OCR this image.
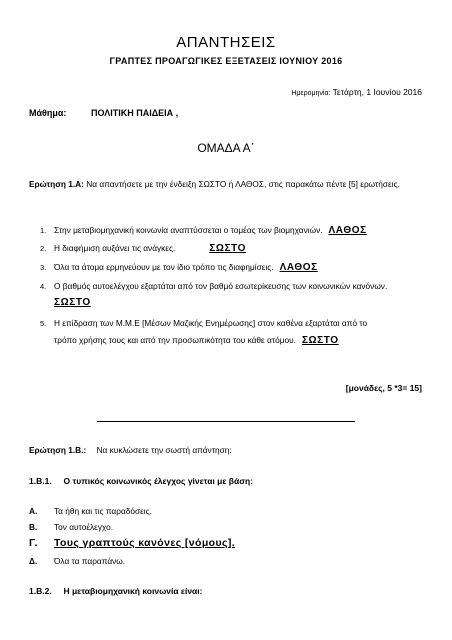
ΑΠΑΝΤΗΣΕΙΣ
ΓΡΑΠΤΕΣ ΠΡΟΑΓΩΓΙΚΕΣ ΕΞΕΤΑΣΕΙΣ ΙΟΥΝΙΟΥ 2016
Ημερομηνία: Τετάρτη, 1 Ιουνίου 2016
Μάθημα:	ΠΟΛΙΤΙΚΗ ΠΑΙΔΕΙΑ ,
ΟΜΑΔΑ Α΄
Ερώτηση 1.Α: Να απαντήσετε με την ένδειξη ΣΩΣΤΟ ή ΛΑΘΟΣ, στις παρακάτω πέντε [5] ερωτήσεις.
1. Στην μεταβιομηχανική κοινωνία αναπτύσσεται ο τομέας των βιομηχανιών. ΛΑΘΟΣ
2. Η διαφήμιση αυξάνει τις ανάγκες.	ΣΩΣΤΟ
3. Όλα τα άτομα ερμηνεύουν με τον ίδιο τρόπο τις διαφημίσεις. ΛΑΘΟΣ
4. Ο βαθμός αυτοελέγχου εξαρτάται από τον βαθμό εσωτερίκευσης των κοινωνικών κανόνων.
ΣΩΣΤΟ
5. Η επίδραση των Μ.Μ.Ε [Μέσων Μαζικής Ενημέρωσης] στον καθένα εξαρτάται από το
τρόπο χρήσης τους και από την προσωπικότητα του κάθε ατόμου. ΣΩΣΤΟ
[μονάδες, 5 *3= 15]
Ερώτηση 1.Β.: Να κυκλώσετε την σωστή απάντηση:
1.Β.1.     Ο τυπικός κοινωνικός έλεγχος γίνεται με βάση:
Α. Τα ήθη και τις παραδόσεις.
Β. Τον αυτοέλεγχο.
Γ. Τους γραπτούς κανόνες [νόμους].
Δ. Όλα τα παραπάνω.
1.Β.2.     Η μεταβιομηχανική κοινωνία είναι:
